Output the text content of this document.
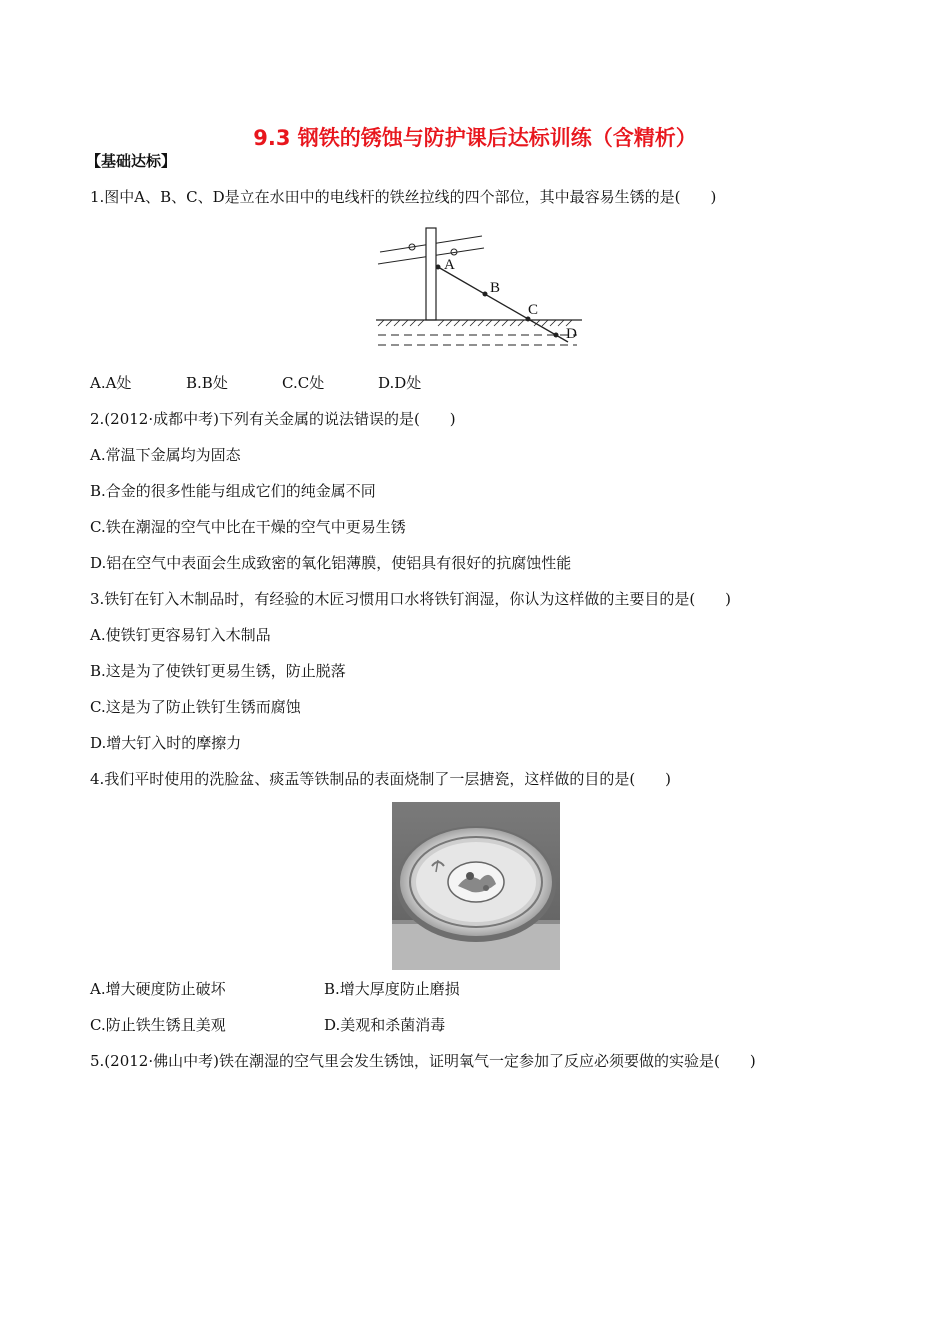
9.3 钢铁的锈蚀与防护课后达标训练（含精析）
【基础达标】
1.图中A、B、C、D是立在水田中的电线杆的铁丝拉线的四个部位，其中最容易生锈的是(　　)
A
B
C
D
A.A处	B.B处	C.C处	D.D处
2.(2012·成都中考)下列有关金属的说法错误的是(　　)
A.常温下金属均为固态
B.合金的很多性能与组成它们的纯金属不同
C.铁在潮湿的空气中比在干燥的空气中更易生锈
D.铝在空气中表面会生成致密的氧化铝薄膜，使铝具有很好的抗腐蚀性能
3.铁钉在钉入木制品时，有经验的木匠习惯用口水将铁钉润湿，你认为这样做的主要目的是(　　)
A.使铁钉更容易钉入木制品
B.这是为了使铁钉更易生锈，防止脱落
C.这是为了防止铁钉生锈而腐蚀
D.增大钉入时的摩擦力
4.我们平时使用的洗脸盆、痰盂等铁制品的表面烧制了一层搪瓷，这样做的目的是(　　)
A.增大硬度防止破坏	B.增大厚度防止磨损
C.防止铁生锈且美观	D.美观和杀菌消毒
5.(2012·佛山中考)铁在潮湿的空气里会发生锈蚀，证明氧气一定参加了反应必须要做的实验是(　　)
